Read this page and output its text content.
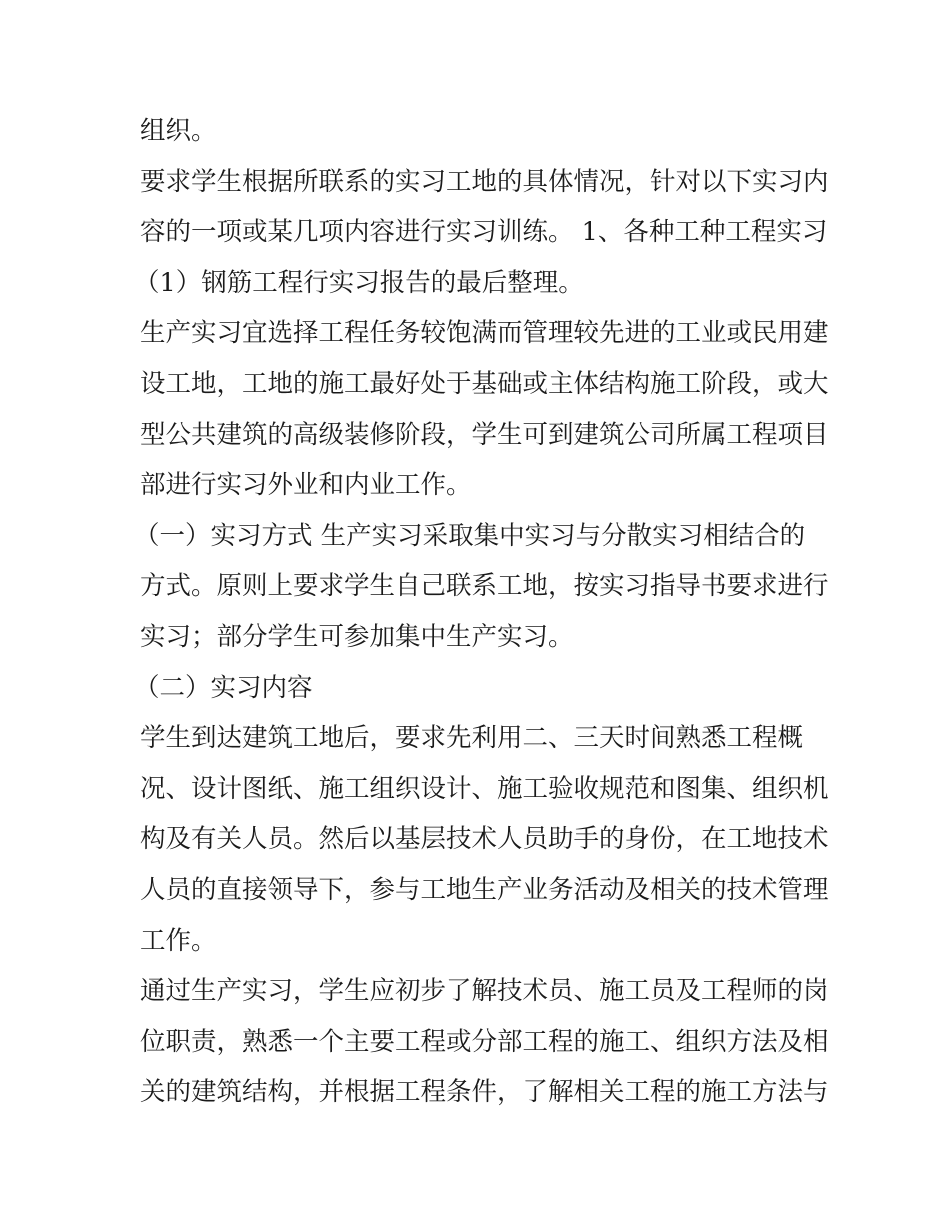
组织。
要求学生根据所联系的实习工地的具体情况，针对以下实习内
容的一项或某几项内容进行实习训练。 1、各种工种工程实习
（1）钢筋工程行实习报告的最后整理。
生产实习宜选择工程任务较饱满而管理较先进的工业或民用建
设工地，工地的施工最好处于基础或主体结构施工阶段，或大
型公共建筑的高级装修阶段，学生可到建筑公司所属工程项目
部进行实习外业和内业工作。
（一）实习方式 生产实习采取集中实习与分散实习相结合的
方式。原则上要求学生自己联系工地，按实习指导书要求进行
实习；部分学生可参加集中生产实习。
（二）实习内容
学生到达建筑工地后，要求先利用二、三天时间熟悉工程概
况、设计图纸、施工组织设计、施工验收规范和图集、组织机
构及有关人员。然后以基层技术人员助手的身份，在工地技术
人员的直接领导下，参与工地生产业务活动及相关的技术管理
工作。
通过生产实习，学生应初步了解技术员、施工员及工程师的岗
位职责，熟悉一个主要工程或分部工程的施工、组织方法及相
关的建筑结构，并根据工程条件，了解相关工程的施工方法与
